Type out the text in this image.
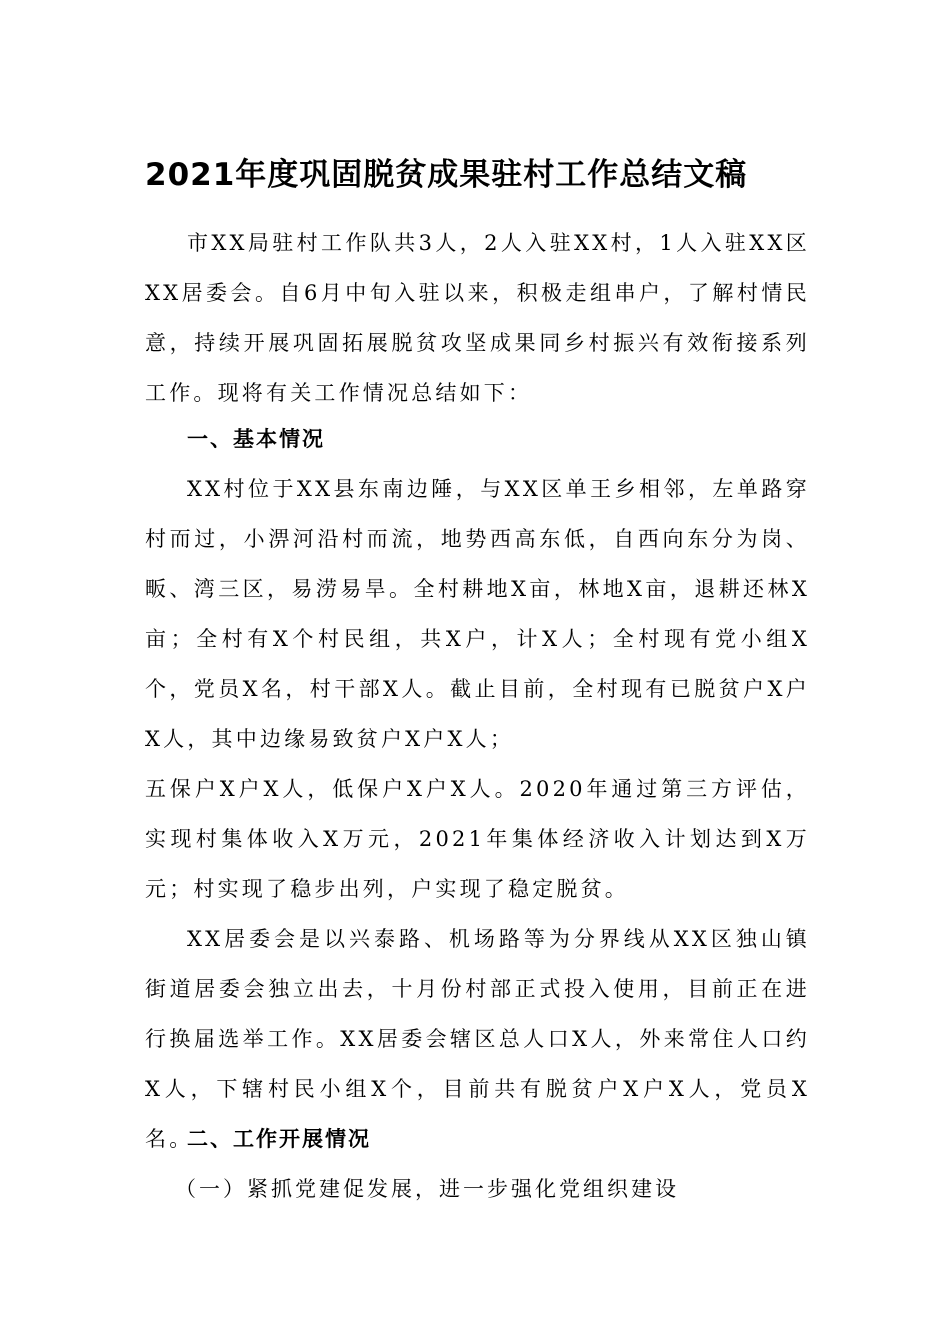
2021年度巩固脱贫成果驻村工作总结文稿
市XX局驻村工作队共3人，2人入驻XX村，1人入驻XX区XX居委会。自6月中旬入驻以来，积极走组串户，了解村情民意，持续开展巩固拓展脱贫攻坚成果同乡村振兴有效衔接系列工作。现将有关工作情况总结如下：
一、基本情况
XX村位于XX县东南边陲，与XX区单王乡相邻，左单路穿村而过，小淠河沿村而流，地势西高东低，自西向东分为岗、畈、湾三区，易涝易旱。全村耕地X亩，林地X亩，退耕还林X亩；全村有X个村民组，共X户，计X人；全村现有党小组X个，党员X名，村干部X人。截止目前，全村现有已脱贫户X户X人，其中边缘易致贫户X户X人；
五保户X户X人，低保户X户X人。2020年通过第三方评估，实现村集体收入X万元，2021年集体经济收入计划达到X万元；村实现了稳步出列，户实现了稳定脱贫。
XX居委会是以兴泰路、机场路等为分界线从XX区独山镇街道居委会独立出去，十月份村部正式投入使用，目前正在进行换届选举工作。XX居委会辖区总人口X人，外来常住人口约X人，下辖村民小组X个，目前共有脱贫户X户X人，党员X名。
二、工作开展情况
（一）紧抓党建促发展，进一步强化党组织建设
